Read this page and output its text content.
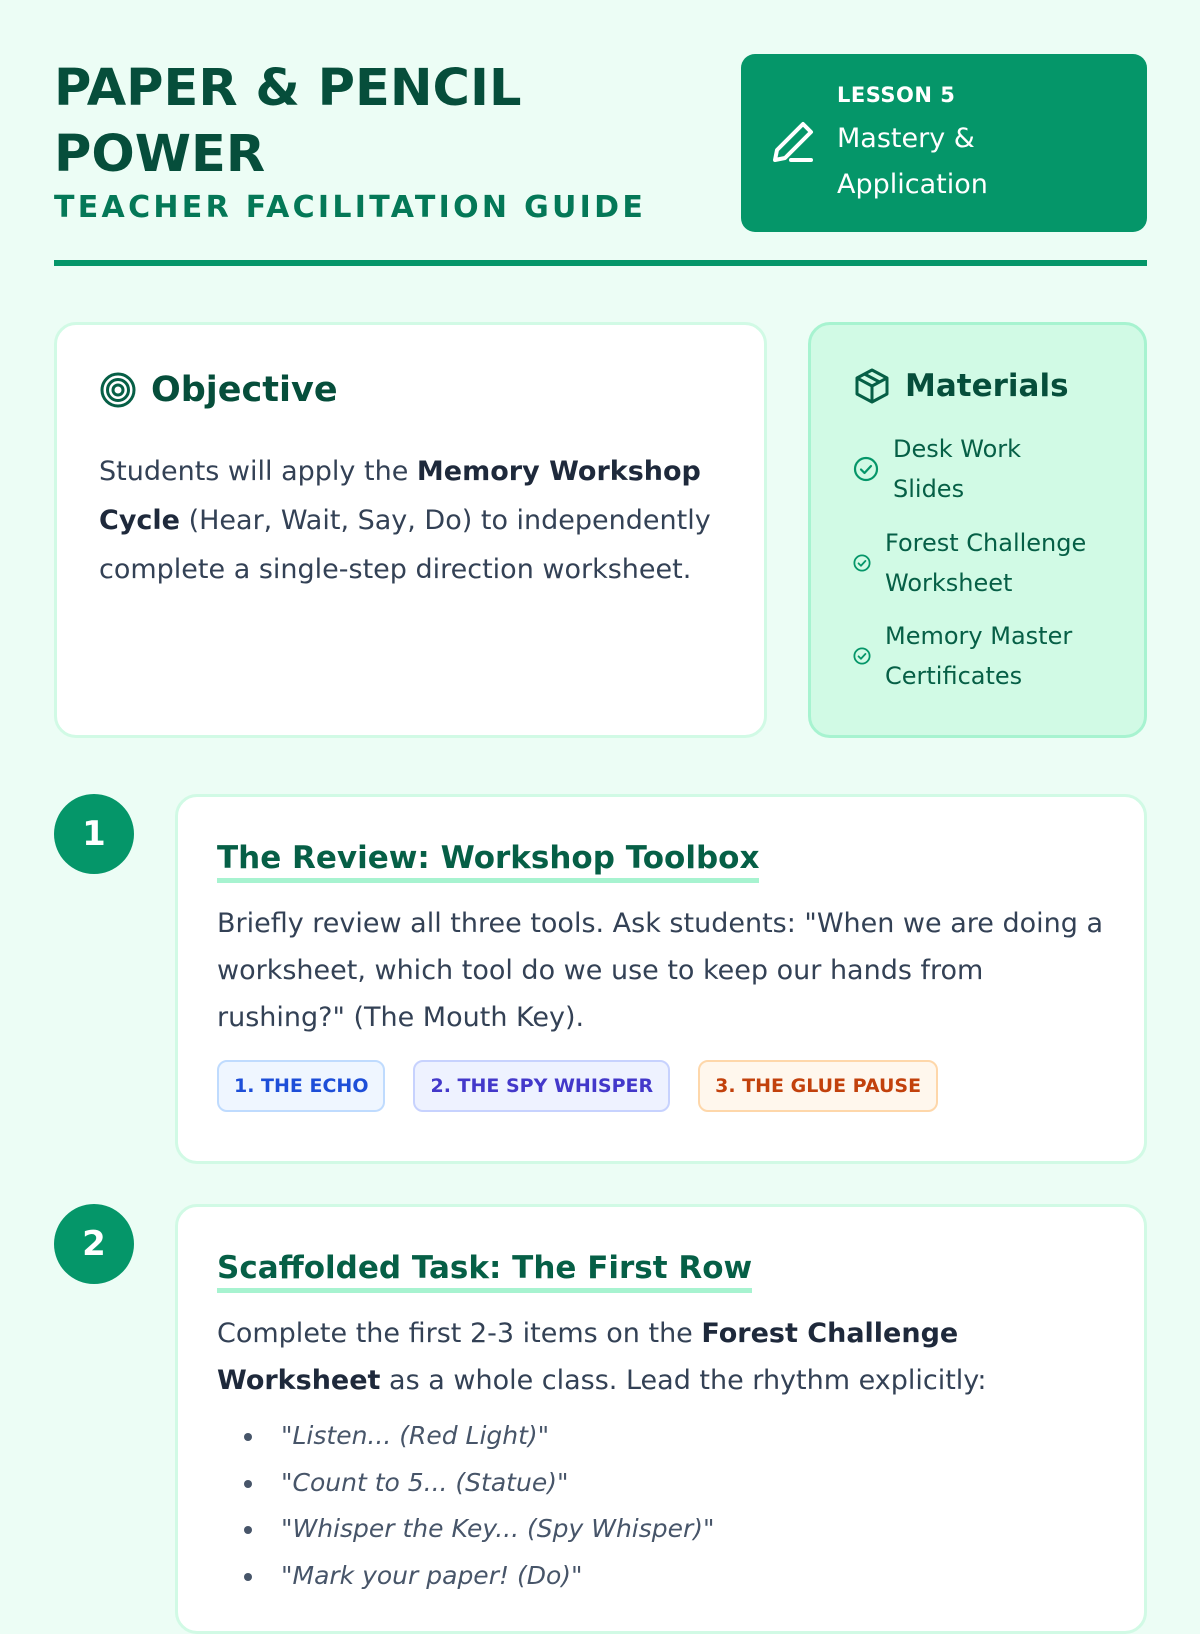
PAPER & PENCIL POWER
TEACHER FACILITATION GUIDE
LESSON 5
Mastery & Application
Objective
Students will apply the Memory Workshop Cycle (Hear, Wait, Say, Do) to independently complete a single-step direction worksheet.
Materials
Desk Work Slides
Forest Challenge Worksheet
Memory Master Certificates
1
The Review: Workshop Toolbox
Briefly review all three tools. Ask students: "When we are doing a worksheet, which tool do we use to keep our hands from rushing?" (The Mouth Key).
1. THE ECHO	2. THE SPY WHISPER	3. THE GLUE PAUSE
2
Scaffolded Task: The First Row
Complete the first 2-3 items on the Forest Challenge Worksheet as a whole class. Lead the rhythm explicitly:
"Listen... (Red Light)"
"Count to 5... (Statue)"
"Whisper the Key... (Spy Whisper)"
"Mark your paper! (Do)"
